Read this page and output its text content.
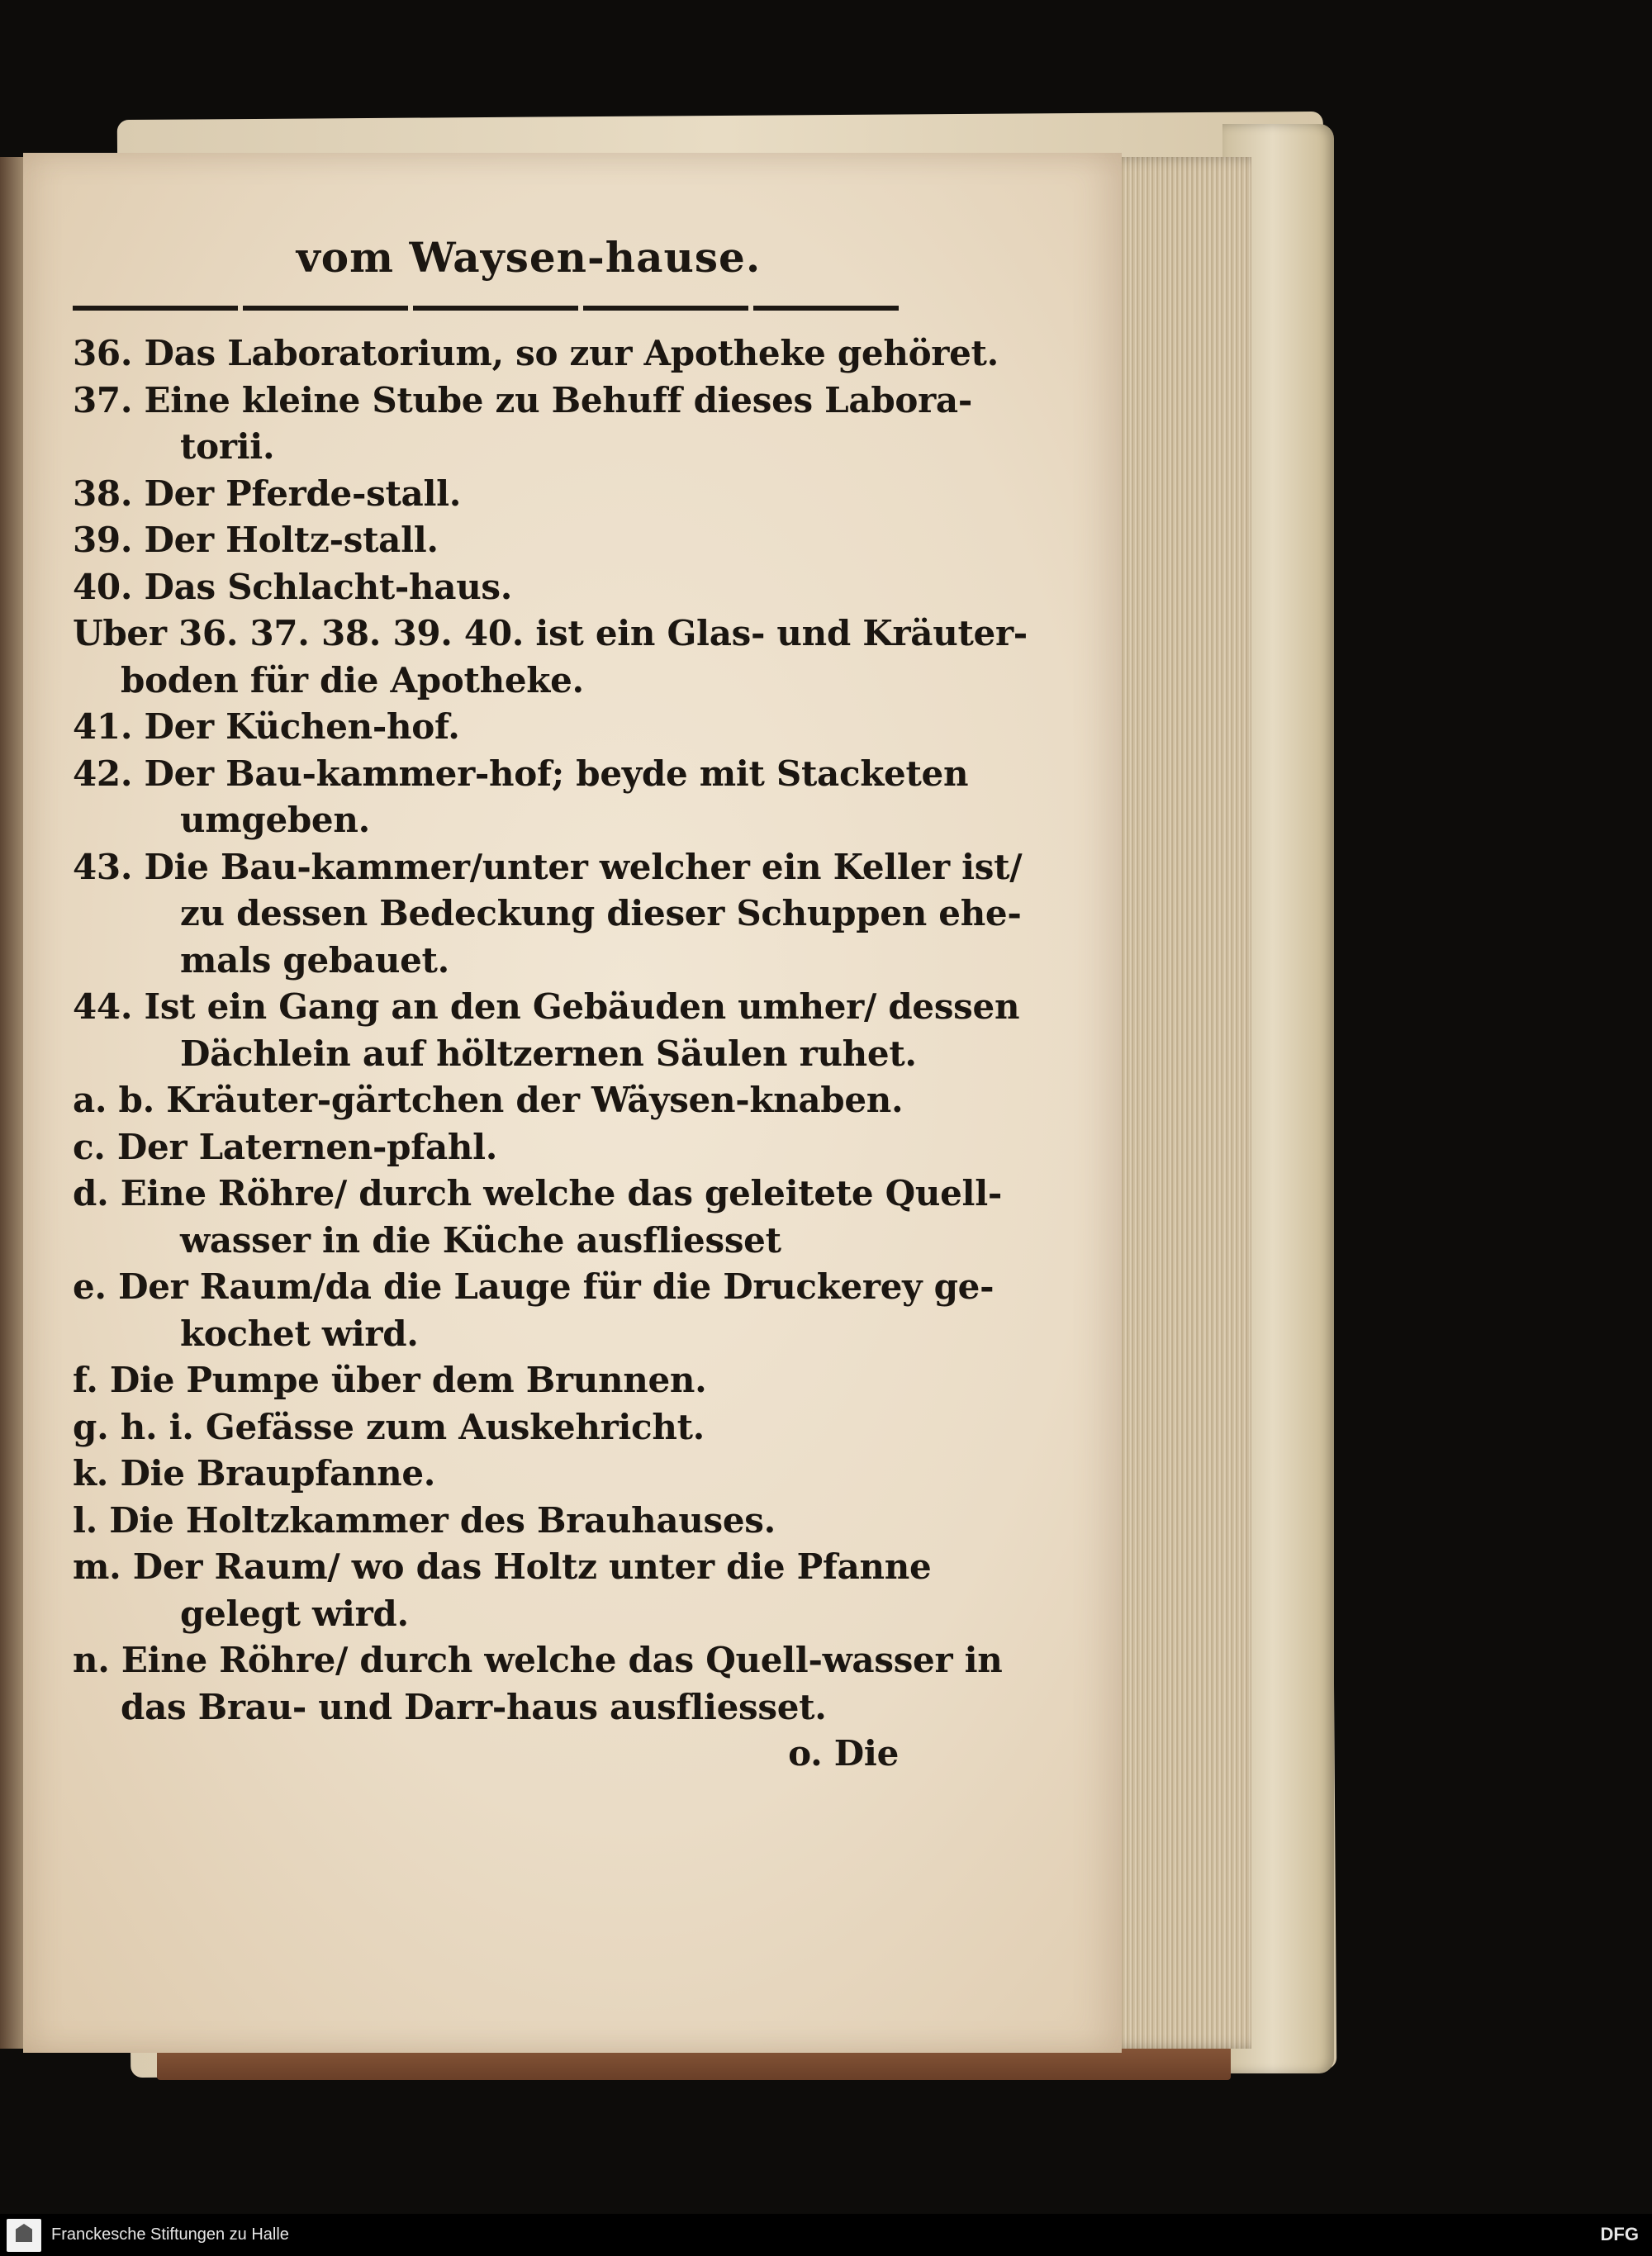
vom Waysen-hause.
36. Das Laboratorium, so zur Apotheke gehöret.
37. Eine kleine Stube zu Behuff dieses Labora-
torii.
38. Der Pferde-stall.
39. Der Holtz-stall.
40. Das Schlacht-haus.
Uber 36. 37. 38. 39. 40. ist ein Glas- und Kräuter-
boden für die Apotheke.
41. Der Küchen-hof.
42. Der Bau-kammer-hof; beyde mit Stacketen
umgeben.
43. Die Bau-kammer/unter welcher ein Keller ist/
zu dessen Bedeckung dieser Schuppen ehe-
mals gebauet.
44. Ist ein Gang an den Gebäuden umher/ dessen
Dächlein auf höltzernen Säulen ruhet.
a. b. Kräuter-gärtchen der Wäysen-knaben.
c. Der Laternen-pfahl.
d. Eine Röhre/ durch welche das geleitete Quell-
wasser in die Küche ausfliesset
e. Der Raum/da die Lauge für die Druckerey ge-
kochet wird.
f. Die Pumpe über dem Brunnen.
g. h. i. Gefässe zum Auskehricht.
k. Die Braupfanne.
l. Die Holtzkammer des Brauhauses.
m. Der Raum/ wo das Holtz unter die Pfanne
gelegt wird.
n. Eine Röhre/ durch welche das Quell-wasser in
das Brau- und Darr-haus ausfliesset.
o. Die
Franckesche Stiftungen zu Halle	DFG
